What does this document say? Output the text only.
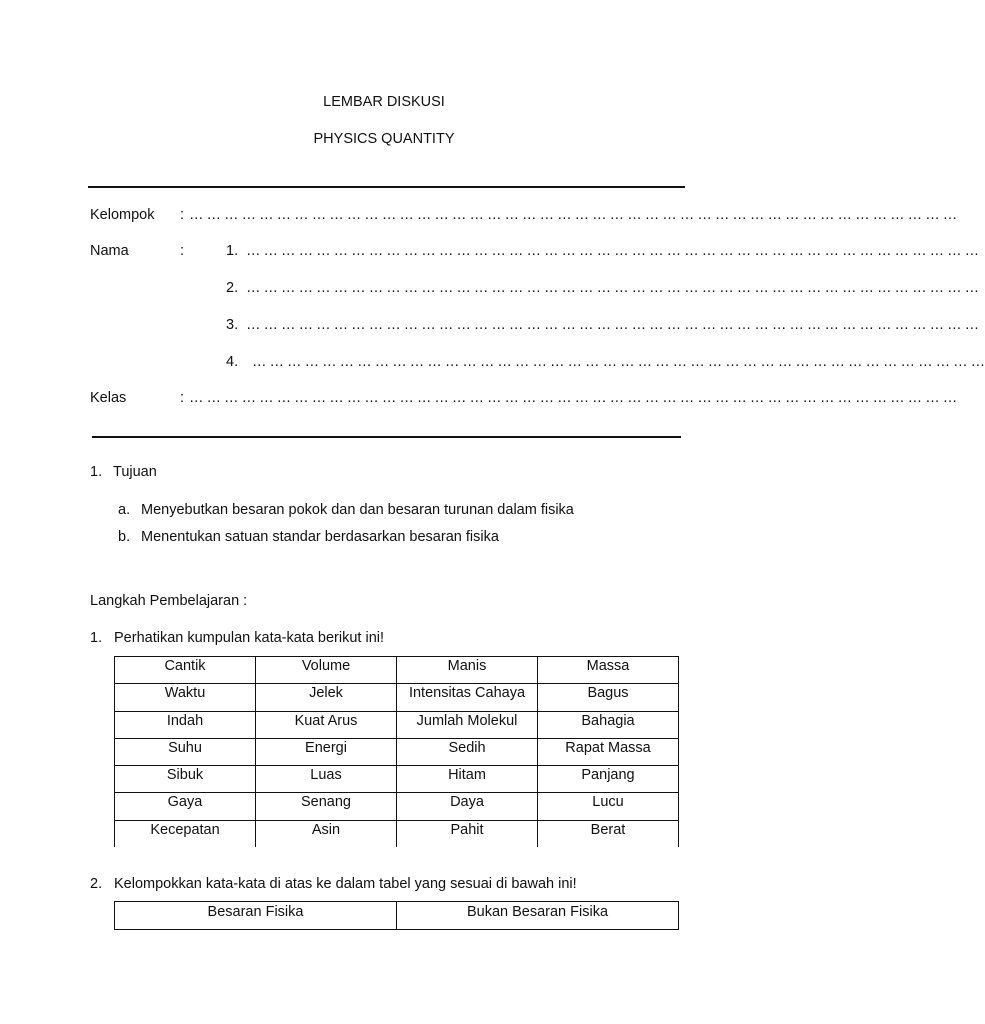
LEMBAR DISKUSI
PHYSICS QUANTITY
Kelompok : … … … … … … … … … … … … … … … … … … … … … … … … … … … … … … … … … … … … … … … … … … … …
Nama	:	1. … … … … … … … … … … … … … … … … … … … … … … … … … … … … … … … … … … … … … … … … … …
2. … … … … … … … … … … … … … … … … … … … … … … … … … … … … … … … … … … … … … … … … … …
3. … … … … … … … … … … … … … … … … … … … … … … … … … … … … … … … … … … … … … … … … … …
4. … … … … … … … … … … … … … … … … … … … … … … … … … … … … … … … … … … … … … … … … … …
Kelas	: … … … … … … … … … … … … … … … … … … … … … … … … … … … … … … … … … … … … … … … … … … … …
1. Tujuan
a. Menyebutkan besaran pokok dan dan besaran turunan dalam fisika
b. Menentukan satuan standar berdasarkan besaran fisika
Langkah Pembelajaran :
1. Perhatikan kumpulan kata-kata berikut ini!
Cantik	Volume	Manis	Massa
Waktu	Jelek	Intensitas Cahaya	Bagus
Indah	Kuat Arus	Jumlah Molekul	Bahagia
Suhu	Energi	Sedih	Rapat Massa
Sibuk	Luas	Hitam	Panjang
Gaya	Senang	Daya	Lucu
Kecepatan	Asin	Pahit	Berat
2. Kelompokkan kata-kata di atas ke dalam tabel yang sesuai di bawah ini!
Besaran Fisika	Bukan Besaran Fisika
